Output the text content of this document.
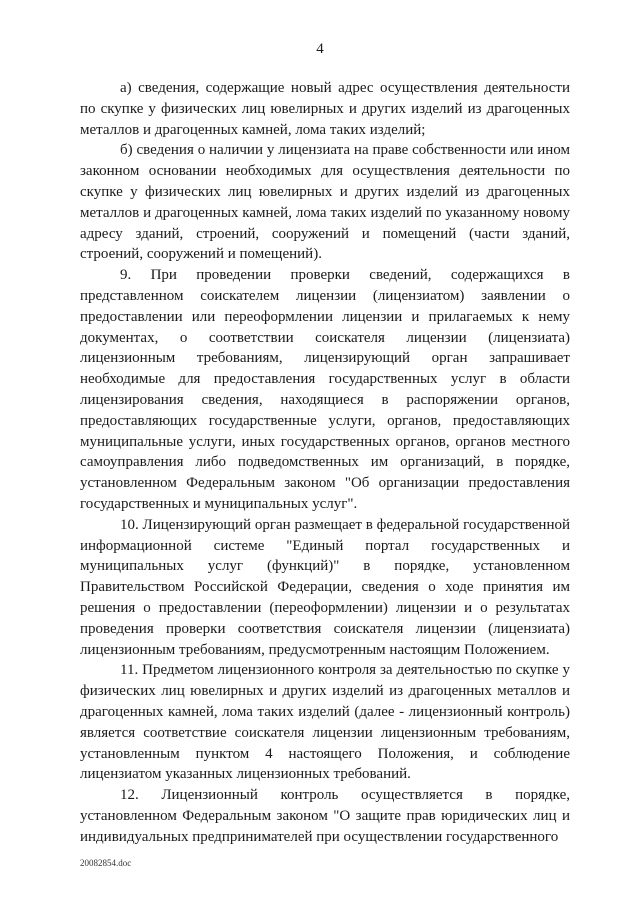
4

а) сведения, содержащие новый адрес осуществления деятельности по скупке у физических лиц ювелирных и других изделий из драгоценных металлов и драгоценных камней, лома таких изделий;

б) сведения о наличии у лицензиата на праве собственности или ином законном основании необходимых для осуществления деятельности по скупке у физических лиц ювелирных и других изделий из драгоценных металлов и драгоценных камней, лома таких изделий по указанному новому адресу зданий, строений, сооружений и помещений (части зданий, строений, сооружений и помещений).

9. При проведении проверки сведений, содержащихся в представленном соискателем лицензии (лицензиатом) заявлении о предоставлении или переоформлении лицензии и прилагаемых к нему документах, о соответствии соискателя лицензии (лицензиата) лицензионным требованиям, лицензирующий орган запрашивает необходимые для предоставления государственных услуг в области лицензирования сведения, находящиеся в распоряжении органов, предоставляющих государственные услуги, органов, предоставляющих муниципальные услуги, иных государственных органов, органов местного самоуправления либо подведомственных им организаций, в порядке, установленном Федеральным законом "Об организации предоставления государственных и муниципальных услуг".

10. Лицензирующий орган размещает в федеральной государственной информационной системе "Единый портал государственных и муниципальных услуг (функций)" в порядке, установленном Правительством Российской Федерации, сведения о ходе принятия им решения о предоставлении (переоформлении) лицензии и о результатах проведения проверки соответствия соискателя лицензии (лицензиата) лицензионным требованиям, предусмотренным настоящим Положением.

11. Предметом лицензионного контроля за деятельностью по скупке у физических лиц ювелирных и других изделий из драгоценных металлов и драгоценных камней, лома таких изделий (далее - лицензионный контроль) является соответствие соискателя лицензии лицензионным требованиям, установленным пунктом 4 настоящего Положения, и соблюдение лицензиатом указанных лицензионных требований.

12. Лицензионный контроль осуществляется в порядке, установленном Федеральным законом "О защите прав юридических лиц и индивидуальных предпринимателей при осуществлении государственного

20082854.doc
